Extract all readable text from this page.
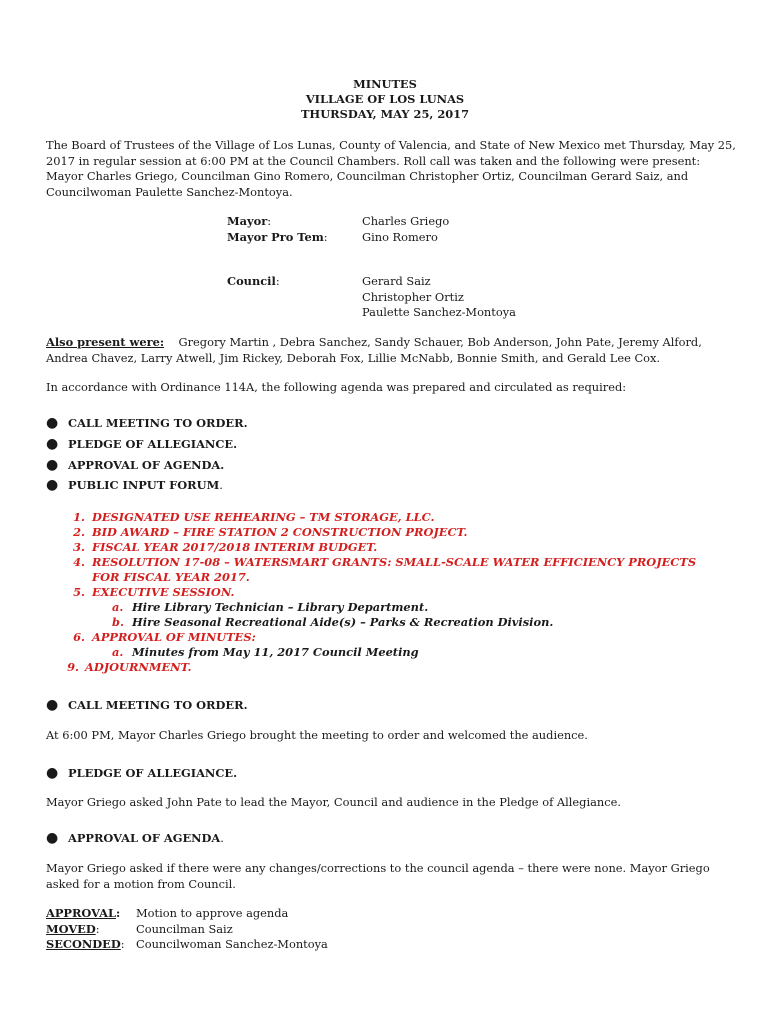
MINUTES
VILLAGE OF LOS LUNAS
THURSDAY, MAY 25, 2017

The Board of Trustees of the Village of Los Lunas, County of Valencia, and State of New Mexico met Thursday, May 25, 2017 in regular session at 6:00 PM at the Council Chambers. Roll call was taken and the following were present: Mayor Charles Griego, Councilman Gino Romero, Councilman Christopher Ortiz, Councilman Gerard Saiz, and Councilwoman Paulette Sanchez-Montoya.

Mayor:	Charles Griego
Mayor Pro Tem:	Gino Romero
Council:	Gerard Saiz
Christopher Ortiz
Paulette Sanchez-Montoya

Also present were: Gregory Martin , Debra Sanchez, Sandy Schauer, Bob Anderson, John Pate, Jeremy Alford, Andrea Chavez, Larry Atwell, Jim Rickey, Deborah Fox, Lillie McNabb, Bonnie Smith, and Gerald Lee Cox.

In accordance with Ordinance 114A, the following agenda was prepared and circulated as required:

● CALL MEETING TO ORDER .
● PLEDGE OF ALLEGIANCE .
● APPROVAL OF AGENDA .
● PUBLIC INPUT FORUM .
1. DESIGNATED USE REHEARING – TM STORAGE, LLC.
2. BID AWARD – FIRE STATION 2 CONSTRUCTION PROJECT.
3. FISCAL YEAR 2017/2018 INTERIM BUDGET.
4. RESOLUTION 17-08 – WATERSMART GRANTS: SMALL-SCALE WATER EFFICIENCY PROJECTS FOR FISCAL YEAR 2017.
5. EXECUTIVE SESSION.
a. Hire Library Technician – Library Department.
b. Hire Seasonal Recreational Aide(s) – Parks & Recreation Division.
6. APPROVAL OF MINUTES:
a. Minutes from May 11, 2017 Council Meeting
9. ADJOURNMENT.
● CALL MEETING TO ORDER .

At 6:00 PM, Mayor Charles Griego brought the meeting to order and welcomed the audience.

● PLEDGE OF ALLEGIANCE .

Mayor Griego asked John Pate to lead the Mayor, Council and audience in the Pledge of Allegiance.

● APPROVAL OF AGENDA .

Mayor Griego asked if there were any changes/corrections to the council agenda – there were none. Mayor Griego asked for a motion from Council.

APPROVAL:	Motion to approve agenda
MOVED:	Councilman Saiz
SECONDED:	Councilwoman Sanchez-Montoya
